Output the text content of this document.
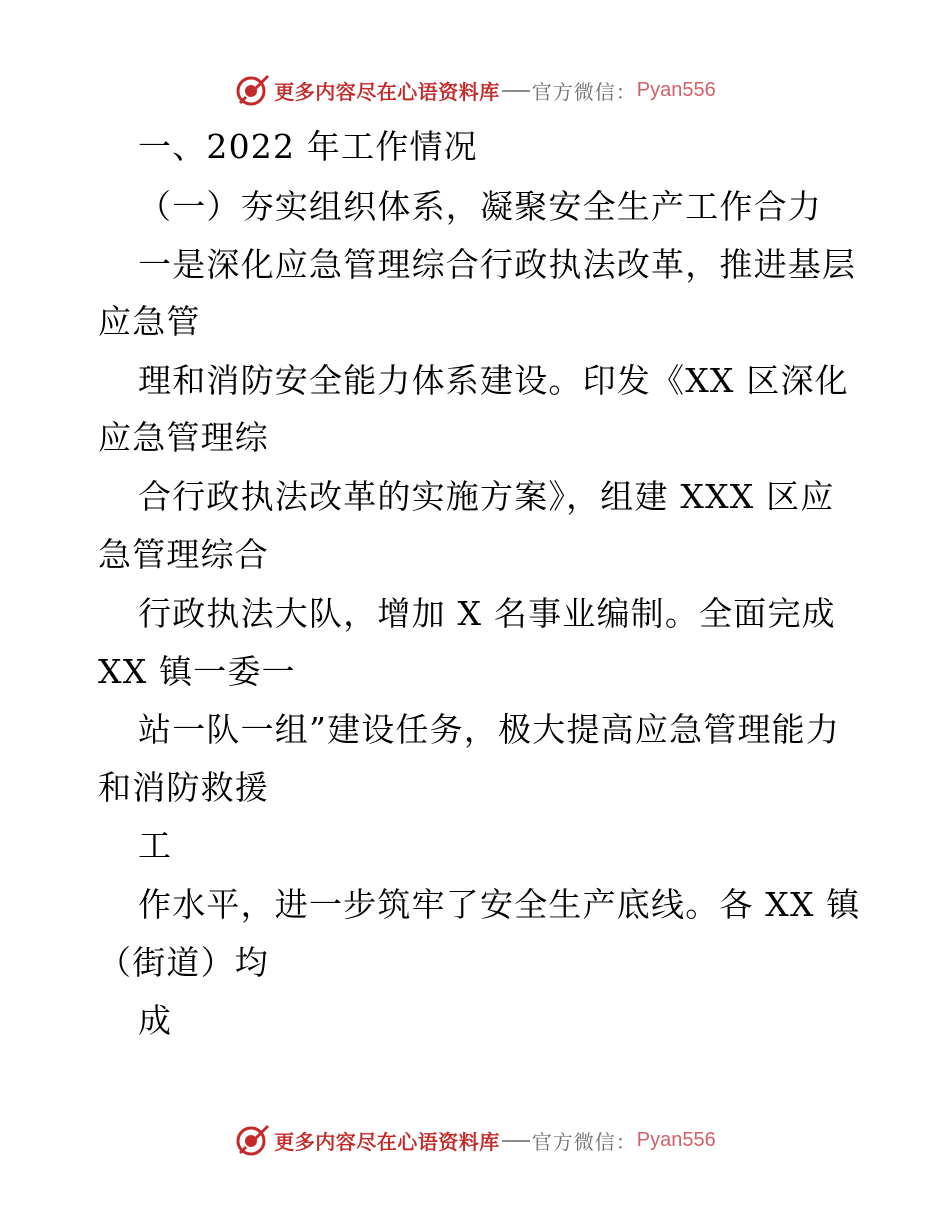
更多内容尽在心语资料库 官方微信： Pyan556
一、2022 年工作情况
（一）夯实组织体系，凝聚安全生产工作合力
一是深化应急管理综合行政执法改革，推进基层
应急管
理和消防安全能力体系建设。印发《XX 区深化
应急管理综
合行政执法改革的实施方案》，组建 XXX 区应
急管理综合
行政执法大队，增加 X 名事业编制。全面完成
XX 镇一委一
站一队一组”建设任务，极大提高应急管理能力
和消防救援
工
作水平，进一步筑牢了安全生产底线。各 XX 镇
（街道）均
成
更多内容尽在心语资料库 官方微信： Pyan556
